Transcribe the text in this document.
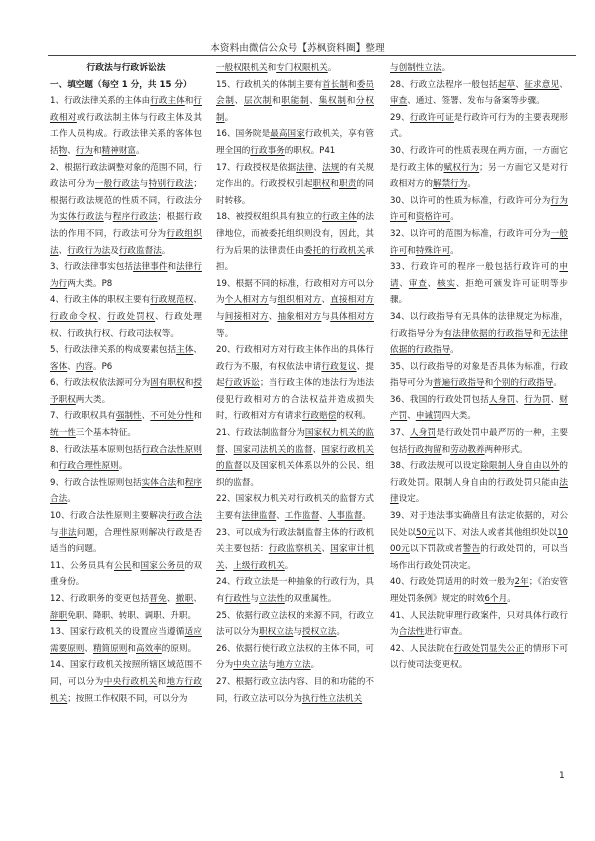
本资料由微信公众号【苏枫资料圈】整理
行政法与行政诉讼法
一、填空题（每空 1 分，共 15 分）
1、行政法律关系的主体由行政主体和行政相对或行政法制主体与行政主体及其工作人员构成。行政法律关系的客体包括物、行为和精神财富。
2、根据行政法调整对象的范围不同，行政法可分为一般行政法与特别行政法；根据行政法规范的性质不同，行政法分为实体行政法与程序行政法；根据行政法的作用不同，行政法可分为行政组织法、行政行为法及行政监督法。
3、行政法律事实包括法律事件和法律行为行两大类。P8
4、行政主体的职权主要有行政规范权、行政命令权、行政处罚权、行政处理权、行政执行权、行政司法权等。
5、行政法律关系的构成要素包括主体、客体、内容。P6
6、行政法权依法源可分为固有职权和授予职权两大类。
7、行政职权具有强制性、不可处分性和统一性三个基本特征。
8、行政法基本原则包括行政合法性原则和行政合理性原则。
9、行政合法性原则包括实体合法和程序合法。
10、行政合法性原则主要解决行政合法与非法问题，合理性原则解决行政是否适当的问题。
11、公务员具有公民和国家公务员的双重身份。
12、行政职务的变更包括晋免、撤职、辞职免职、降职、转职、调职、升职。
13、国家行政机关的设置应当遵循适应需要原则、精简原则和高效率的原则。
14、国家行政机关按照所辖区域范围不同，可以分为中央行政机关和地方行政机关；按照工作权限不同，可以分为
一般权限机关和专门权限机关。
15、行政机关的体制主要有首长制和委员会制、层次制和职能制、集权制和分权制。
16、国务院是最高国家行政机关，享有管理全国的行政事务的职权。P41
17、行政授权是依据法律、法规的有关规定作出的。行政授权引起职权和职责的同时转移。
18、被授权组织具有独立的行政主体的法律地位，而被委托组织则没有，因此，其行为后果的法律责任由委托的行政机关承担。
19、根据不同的标准，行政相对方可以分为个人相对方与组织相对方、直接相对方与间接相对方、抽象相对方与具体相对方等。
20、行政相对方对行政主体作出的具体行政行为不服，有权依法申请行政复议、提起行政诉讼；当行政主体的违法行为违法侵犯行政相对方的合法权益并造成损失时，行政相对方有请求行政赔偿的权利。
21、行政法制监督分为国家权力机关的监督、国家司法机关的监督、国家行政机关的监督以及国家机关体系以外的公民、组织的监督。
22、国家权力机关对行政机关的监督方式主要有法律监督、工作监督、人事监督。
23、可以成为行政法制监督主体的行政机关主要包括：行政监察机关、国家审计机关、上级行政机关。
24、行政立法是一种抽象的行政行为，具有行政性与立法性的双重属性。
25、依据行政立法权的来源不同，行政立法可以分为职权立法与授权立法。
26、依据行使行政立法权的主体不同，可分为中央立法与地方立法。
27、根据行政立法内容、目的和功能的不同，行政立法可以分为执行性立法机关
与创制性立法。
28、行政立法程序一般包括起草、征求意见、审查、通过、签署、发布与备案等步骤。
29、行政许可证是行政许可行为的主要表现形式。
30、行政许可的性质表现在两方面，一方面它是行政主体的赋权行为；另一方面它又是对行政相对方的解禁行为。
30、以许可的性质为标准，行政许可分为行为许可和资格许可。
32、以许可的范围为标准，行政许可分为一般许可和特殊许可。
33、行政许可的程序一般包括行政许可的申请、审查、核实、拒绝可颁发许可证明等步骤。
34、以行政指导有无具体的法律规定为标准，行政指导分为有法律依据的行政指导和无法律依据的行政指导。
35、以行政指导的对象是否具体为标准，行政指导可分为普遍行政指导和个别的行政指导。
36、我国的行政处罚包括人身罚、行为罚、财产罚、申诫罚四大类。
37、人身罚是行政处罚中最严厉的一种，主要包括行政拘留和劳动教养两种形式。
38、行政法规可以设定除限制人身自由以外的行政处罚。限制人身自由的行政处罚只能由法律设定。
39、对于违法事实确凿且有法定依据的，对公民处以50元以下、对法人或者其他组织处以1000元以下罚款或者警告的行政处罚的，可以当场作出行政处罚决定。
40、行政处罚适用的时效一般为2年；《治安管理处罚条例》规定的时效6个月。
41、人民法院审理行政案件，只对具体行政行为合法性进行审查。
42、人民法院在行政处罚显失公正的情形下可以行使司法变更权。
1
